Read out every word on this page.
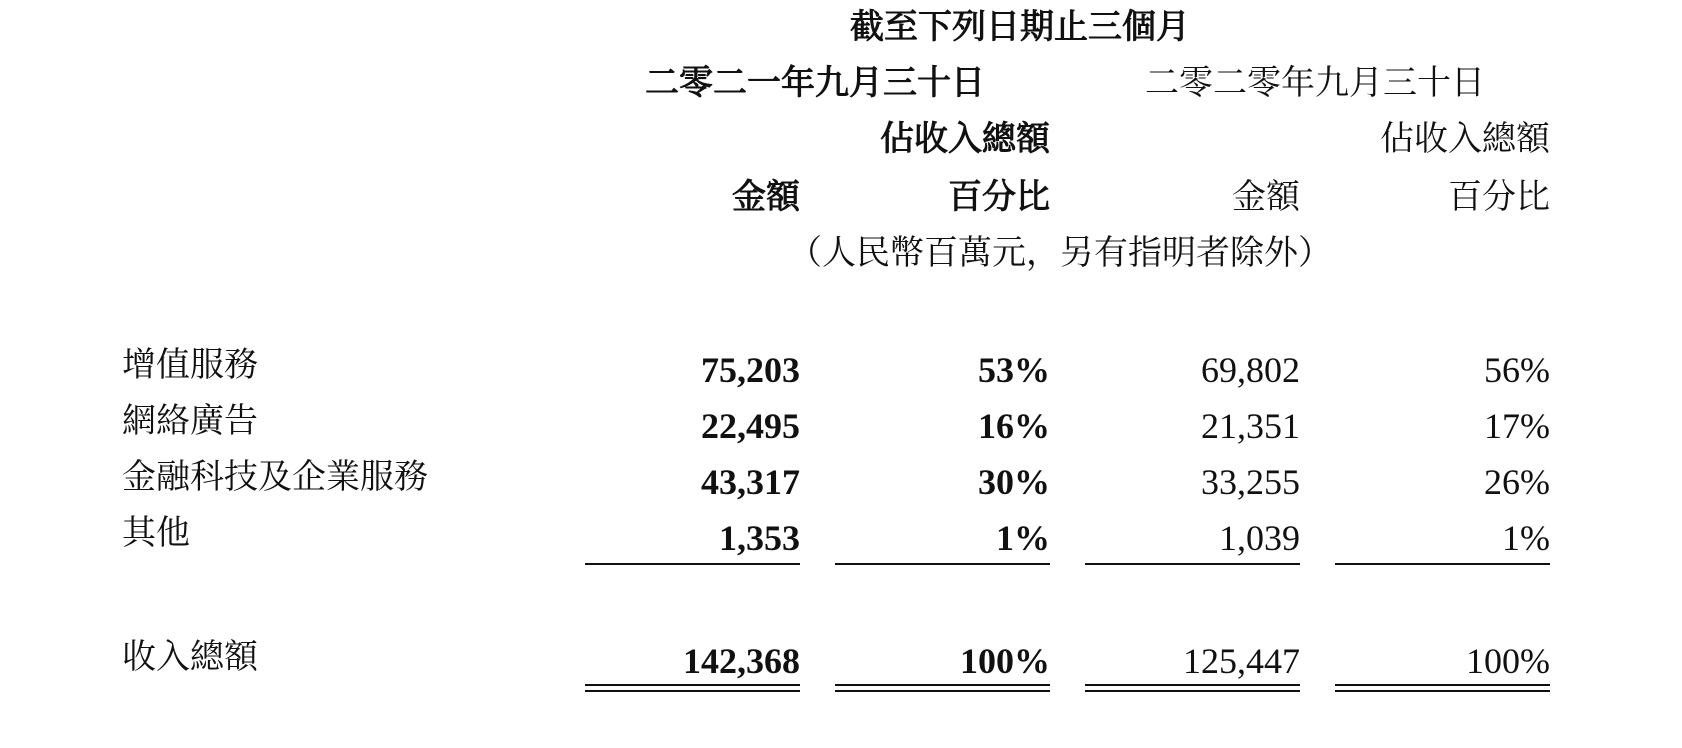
截至下列日期止三個月
二零二一年九月三十日	二零二零年九月三十日
佔收入總額	佔收入總額
金額	百分比	金額	百分比
（人民幣百萬元，另有指明者除外）
增值服務	75,203	53%	69,802	56%
網絡廣告	22,495	16%	21,351	17%
金融科技及企業服務	43,317	30%	33,255	26%
其他	1,353	1%	1,039	1%
收入總額	142,368	100%	125,447	100%
